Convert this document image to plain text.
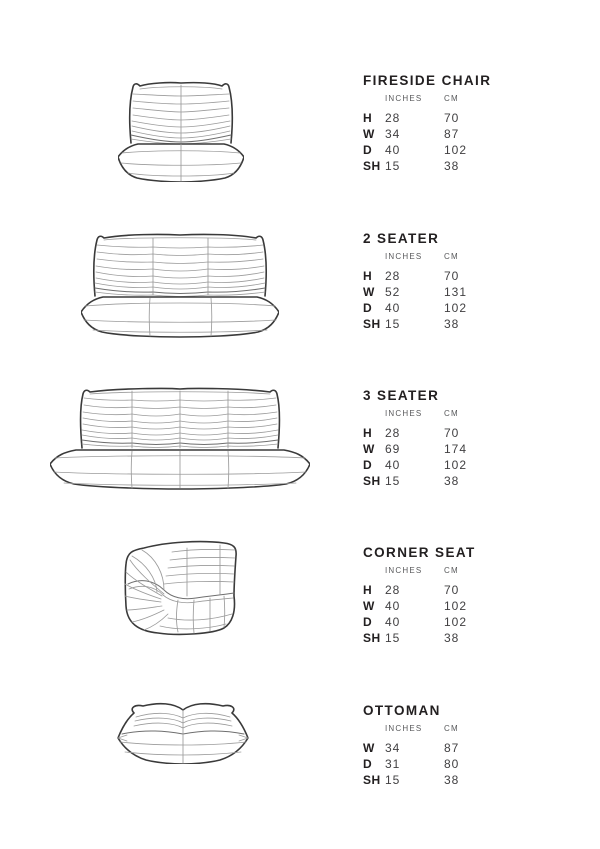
FIRESIDE CHAIR
INCHES	CM
H	28	70
W 34	87
D	40	102
SH 15	38
2 SEATER
INCHES	CM
H	28	70
W 52	131
D	40	102
SH 15	38
3 SEATER
INCHES	CM
H	28	70
W 69	174
D	40	102
SH 15	38
CORNER SEAT
INCHES	CM
H	28	70
W 40	102
D	40	102
SH 15	38
OTTOMAN
INCHES	CM
W 34	87
D	31	80
SH 15	38
